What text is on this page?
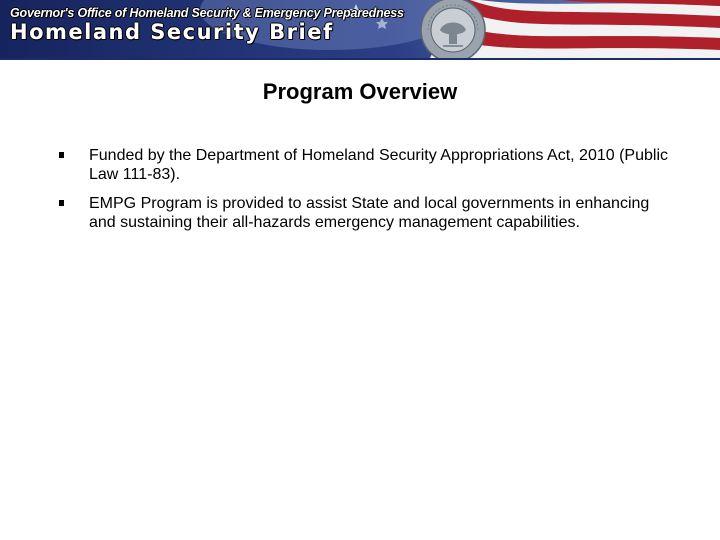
Governor's Office of Homeland Security & Emergency Preparedness
Homeland Security Brief
Program Overview
Funded by the Department of Homeland Security Appropriations Act, 2010 (Public Law 111-83).
EMPG Program is provided to assist State and local governments in enhancing and sustaining their all-hazards emergency management capabilities.
